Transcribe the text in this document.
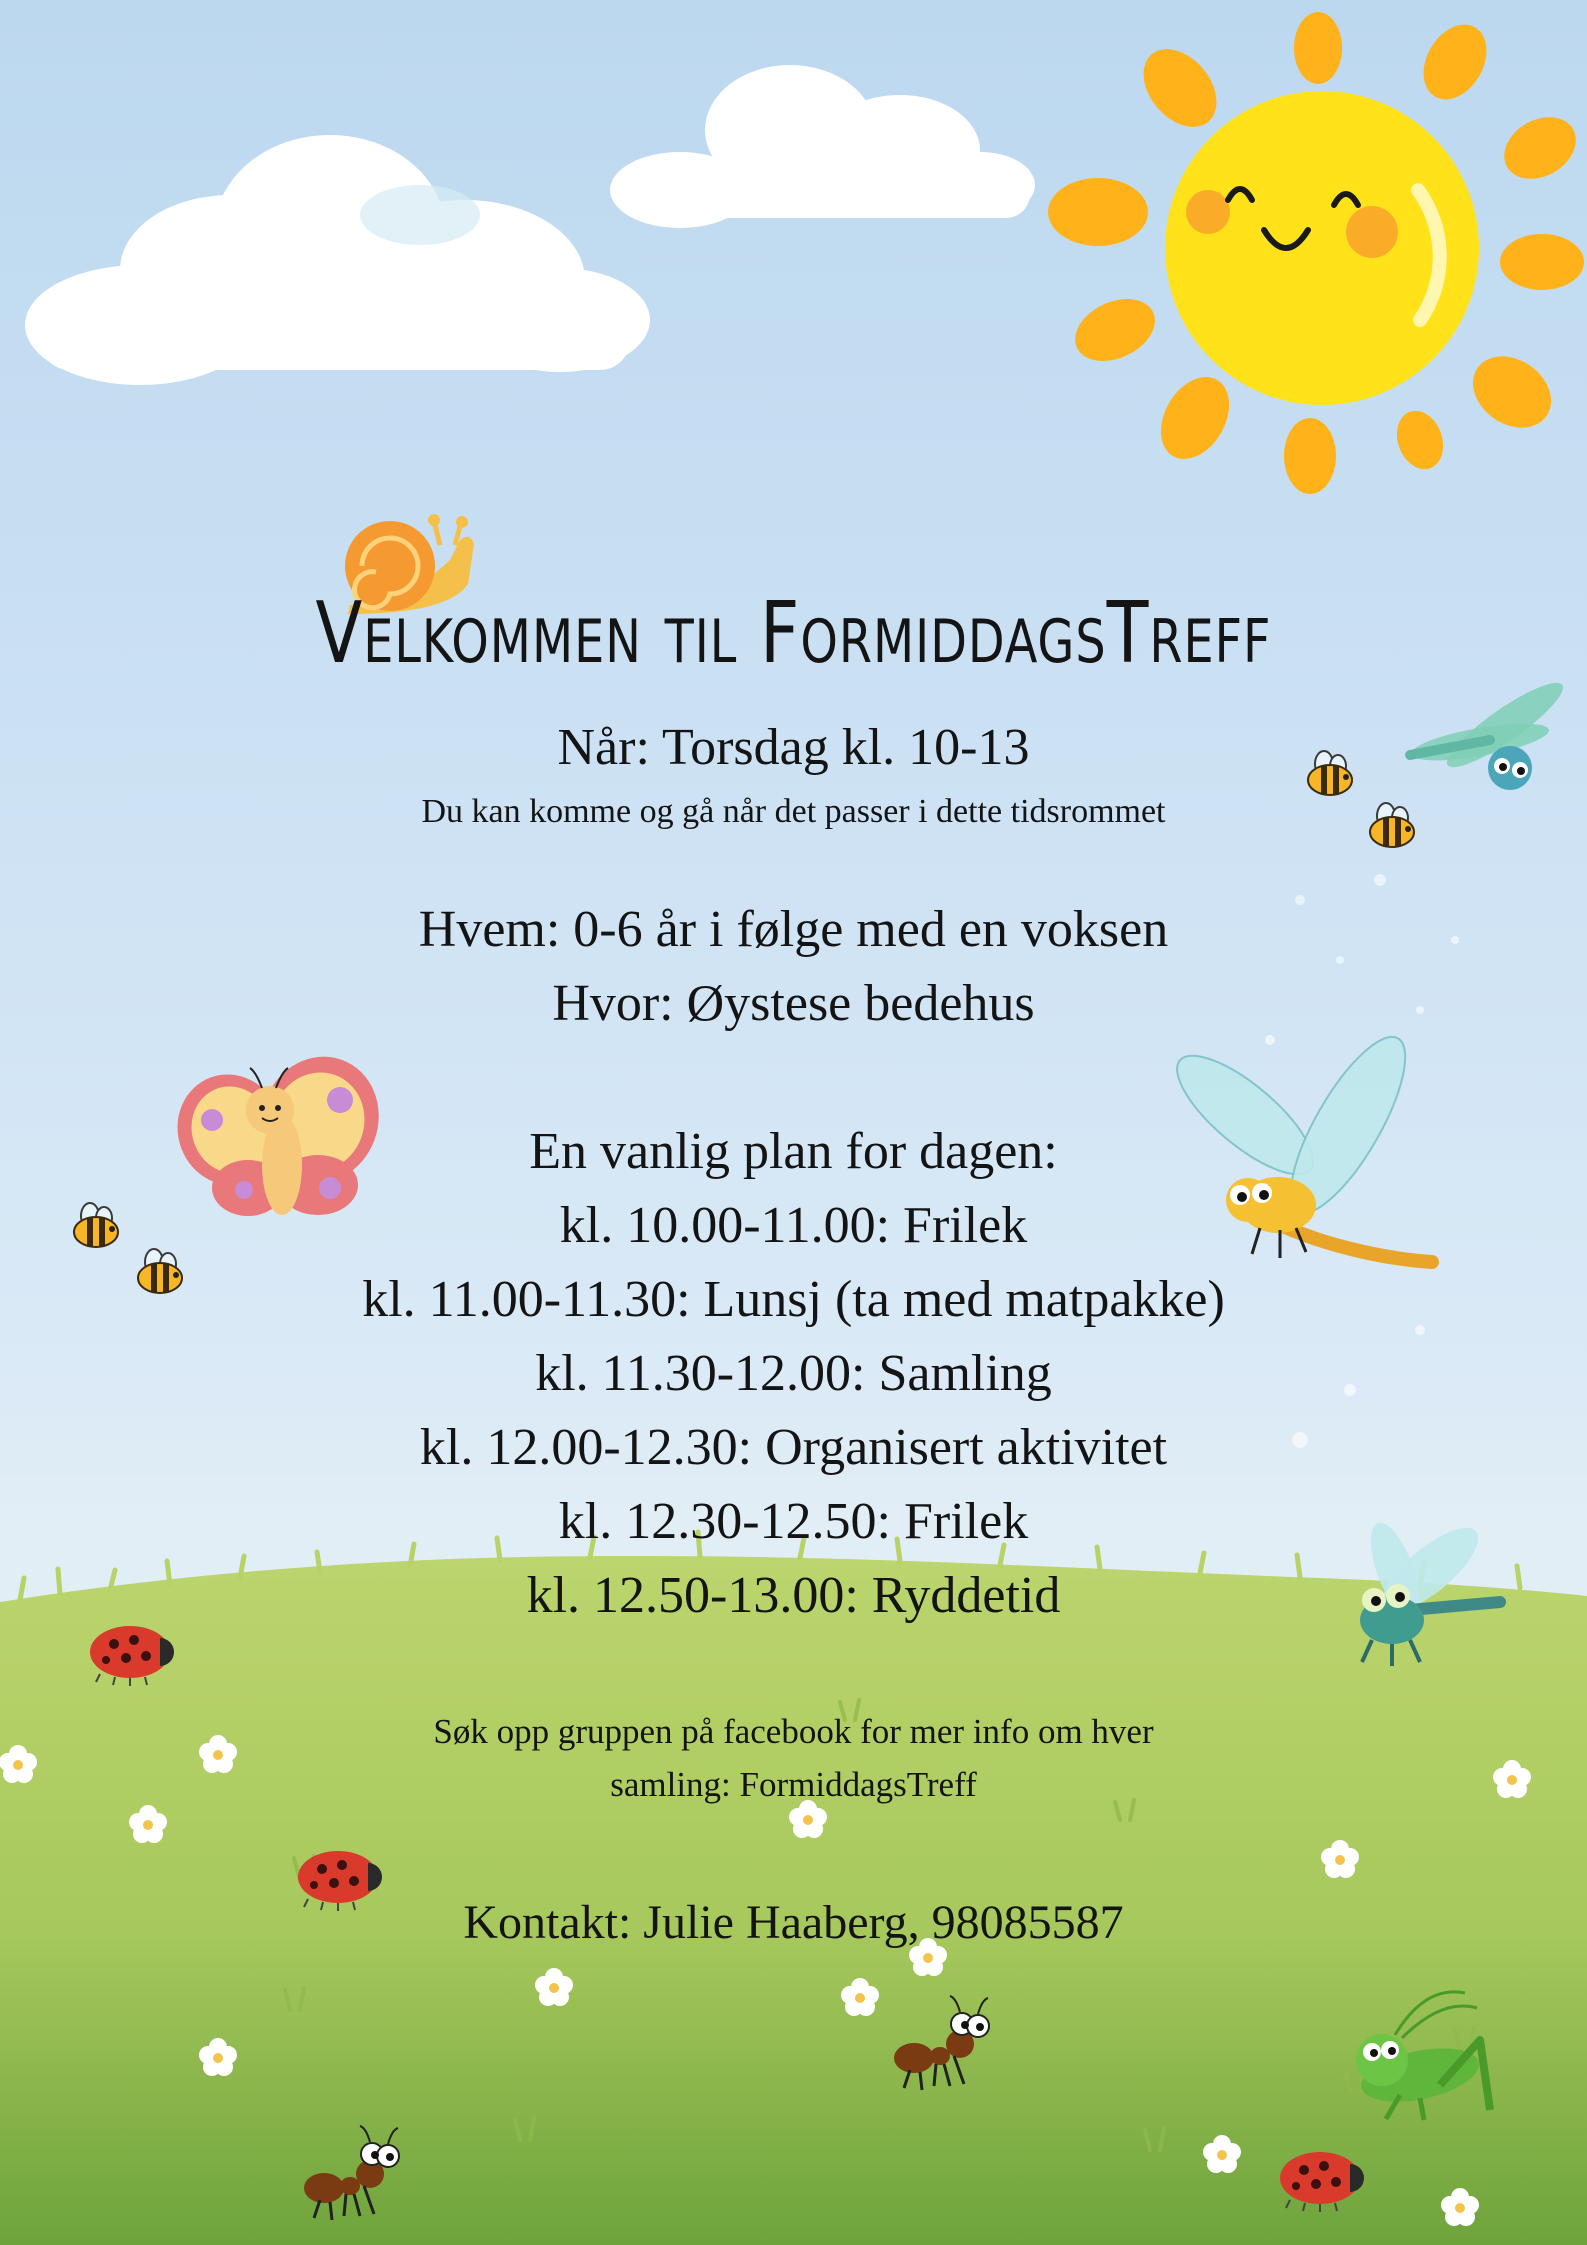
Velkommen til FormiddagsTreff
Når: Torsdag kl. 10-13
Du kan komme og gå når det passer i dette tidsrommet
Hvem: 0-6 år i følge med en voksen
Hvor: Øystese bedehus
En vanlig plan for dagen:
kl. 10.00-11.00: Frilek
kl. 11.00-11.30: Lunsj (ta med matpakke)
kl. 11.30-12.00: Samling
kl. 12.00-12.30: Organisert aktivitet
kl. 12.30-12.50: Frilek
kl. 12.50-13.00: Ryddetid
Søk opp gruppen på facebook for mer info om hver
samling: FormiddagsTreff
Kontakt: Julie Haaberg, 98085587
